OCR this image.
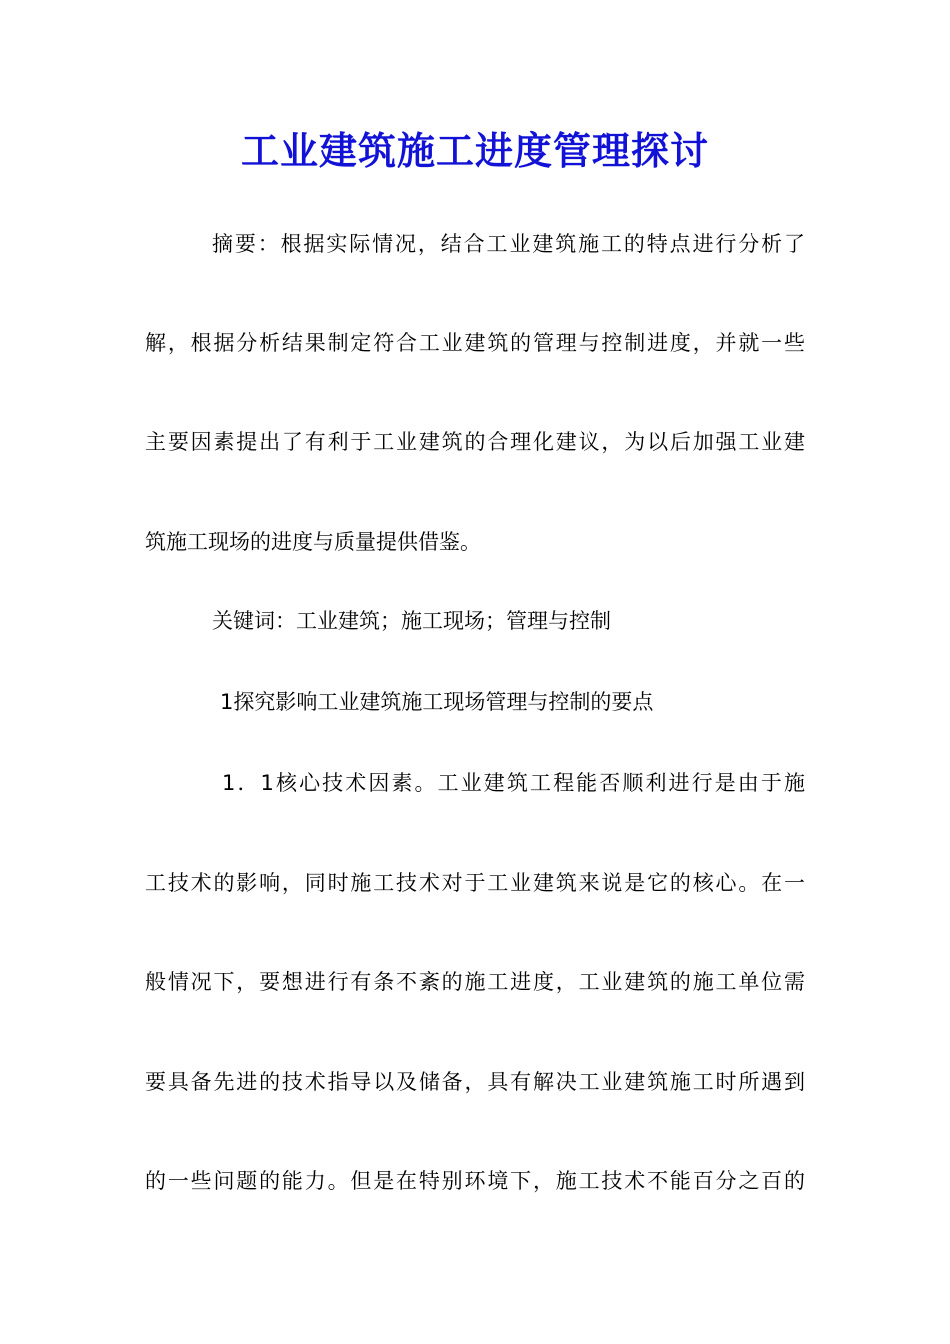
工业建筑施工进度管理探讨
摘要：根据实际情况，结合工业建筑施工的特点进行分析了
解，根据分析结果制定符合工业建筑的管理与控制进度，并就一些
主要因素提出了有利于工业建筑的合理化建议，为以后加强工业建
筑施工现场的进度与质量提供借鉴。
关键词：工业建筑；施工现场；管理与控制
1探究影响工业建筑施工现场管理与控制的要点
1．1核心技术因素。工业建筑工程能否顺利进行是由于施
工技术的影响，同时施工技术对于工业建筑来说是它的核心。在一
般情况下，要想进行有条不紊的施工进度，工业建筑的施工单位需
要具备先进的技术指导以及储备，具有解决工业建筑施工时所遇到
的一些问题的能力。但是在特别环境下，施工技术不能百分之百的
